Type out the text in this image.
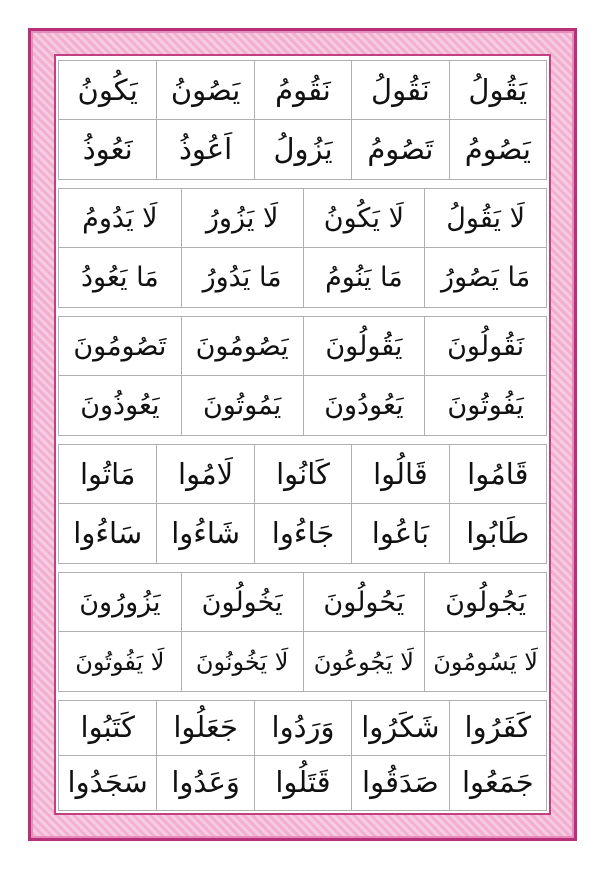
يَقُولُ
نَقُولُ
نَقُومُ
يَصُونُ
يَكُونُ
يَصُومُ
تَصُومُ
يَزُولُ
اَعُوذُ
نَعُوذُ
لَا يَقُولُ
لَا يَكُونُ
لَا يَزُورُ
لَا يَدُومُ
مَا يَصُورُ
مَا يَنُومُ
مَا يَدُورُ
مَا يَعُودُ
نَقُولُونَ
يَقُولُونَ
يَصُومُونَ
تَصُومُونَ
يَفُوتُونَ
يَعُودُونَ
يَمُوتُونَ
يَعُوذُونَ
قَامُوا
قَالُوا
كَانُوا
لَامُوا
مَاتُوا
طَابُوا
بَاعُوا
جَاءُوا
شَاءُوا
سَاءُوا
يَجُولُونَ
يَحُولُونَ
يَخُولُونَ
يَزُورُونَ
لَا يَسُومُونَ
لَا يَجُوعُونَ
لَا يَخُونُونَ
لَا يَفُوتُونَ
كَفَرُوا
شَكَرُوا
وَرَدُوا
جَعَلُوا
كَتَبُوا
جَمَعُوا
صَدَقُوا
قَتَلُوا
وَعَدُوا
سَجَدُوا
